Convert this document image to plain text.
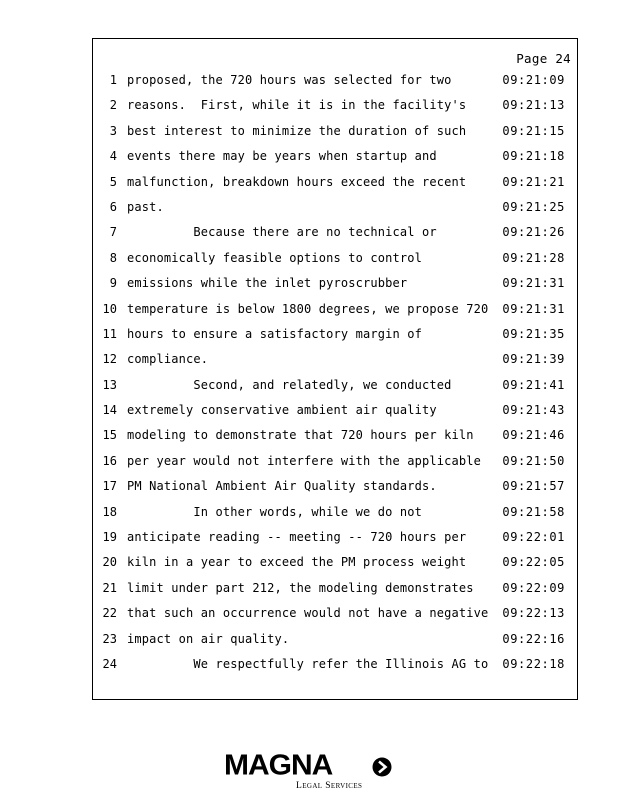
Page 24
1 proposed, the 720 hours was selected for two	09:21:09
2 reasons.  First, while it is in the facility's	09:21:13
3 best interest to minimize the duration of such	09:21:15
4 events there may be years when startup and	09:21:18
5 malfunction, breakdown hours exceed the recent	09:21:21
6 past.	09:21:25
7 Because there are no technical or	09:21:26
8 economically feasible options to control	09:21:28
9 emissions while the inlet pyroscrubber	09:21:31
10 temperature is below 1800 degrees, we propose 720 09:21:31
11 hours to ensure a satisfactory margin of	09:21:35
12 compliance.	09:21:39
13 Second, and relatedly, we conducted	09:21:41
14 extremely conservative ambient air quality	09:21:43
15 modeling to demonstrate that 720 hours per kiln 09:21:46
16 per year would not interfere with the applicable 09:21:50
17 PM National Ambient Air Quality standards.	09:21:57
18 In other words, while we do not	09:21:58
19 anticipate reading -- meeting -- 720 hours per	09:22:01
20 kiln in a year to exceed the PM process weight	09:22:05
21 limit under part 212, the modeling demonstrates 09:22:09
22 that such an occurrence would not have a negative 09:22:13
23 impact on air quality.	09:22:16
24 We respectfully refer the Illinois AG to 09:22:18
MAGNA
Legal Services
